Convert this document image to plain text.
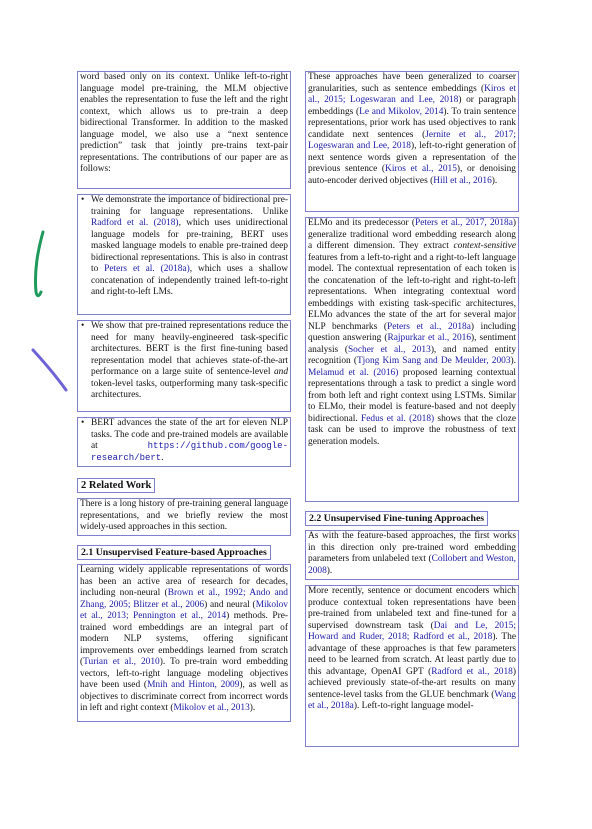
word based only on its context. Unlike left-to-right language model pre-training, the MLM objective enables the representation to fuse the left and the right context, which allows us to pre-train a deep bidirectional Transformer. In addition to the masked language model, we also use a “next sentence prediction” task that jointly pre-trains text-pair representations. The contributions of our paper are as follows:

• We demonstrate the importance of bidirectional pre-training for language representations. Unlike Radford et al. (2018), which uses unidirectional language models for pre-training, BERT uses masked language models to enable pre-trained deep bidirectional representations. This is also in contrast to Peters et al. (2018a), which uses a shallow concatenation of independently trained left-to-right and right-to-left LMs.

• We show that pre-trained representations reduce the need for many heavily-engineered task-specific architectures. BERT is the first fine-tuning based representation model that achieves state-of-the-art performance on a large suite of sentence-level and token-level tasks, outperforming many task-specific architectures.

• BERT advances the state of the art for eleven NLP tasks. The code and pre-trained models are available at https://github.com/google-research/bert.

2 Related Work

There is a long history of pre-training general language representations, and we briefly review the most widely-used approaches in this section.

2.1 Unsupervised Feature-based Approaches

Learning widely applicable representations of words has been an active area of research for decades, including non-neural (Brown et al., 1992; Ando and Zhang, 2005; Blitzer et al., 2006) and neural (Mikolov et al., 2013; Pennington et al., 2014) methods. Pre-trained word embeddings are an integral part of modern NLP systems, offering significant improvements over embeddings learned from scratch (Turian et al., 2010). To pre-train word embedding vectors, left-to-right language modeling objectives have been used (Mnih and Hinton, 2009), as well as objectives to discriminate correct from incorrect words in left and right context (Mikolov et al., 2013).

These approaches have been generalized to coarser granularities, such as sentence embeddings (Kiros et al., 2015; Logeswaran and Lee, 2018) or paragraph embeddings (Le and Mikolov, 2014). To train sentence representations, prior work has used objectives to rank candidate next sentences (Jernite et al., 2017; Logeswaran and Lee, 2018), left-to-right generation of next sentence words given a representation of the previous sentence (Kiros et al., 2015), or denoising auto-encoder derived objectives (Hill et al., 2016).

ELMo and its predecessor (Peters et al., 2017, 2018a) generalize traditional word embedding research along a different dimension. They extract context-sensitive features from a left-to-right and a right-to-left language model. The contextual representation of each token is the concatenation of the left-to-right and right-to-left representations. When integrating contextual word embeddings with existing task-specific architectures, ELMo advances the state of the art for several major NLP benchmarks (Peters et al., 2018a) including question answering (Rajpurkar et al., 2016), sentiment analysis (Socher et al., 2013), and named entity recognition (Tjong Kim Sang and De Meulder, 2003). Melamud et al. (2016) proposed learning contextual representations through a task to predict a single word from both left and right context using LSTMs. Similar to ELMo, their model is feature-based and not deeply bidirectional. Fedus et al. (2018) shows that the cloze task can be used to improve the robustness of text generation models.

2.2 Unsupervised Fine-tuning Approaches

As with the feature-based approaches, the first works in this direction only pre-trained word embedding parameters from unlabeled text (Collobert and Weston, 2008).

More recently, sentence or document encoders which produce contextual token representations have been pre-trained from unlabeled text and fine-tuned for a supervised downstream task (Dai and Le, 2015; Howard and Ruder, 2018; Radford et al., 2018). The advantage of these approaches is that few parameters need to be learned from scratch. At least partly due to this advantage, OpenAI GPT (Radford et al., 2018) achieved previously state-of-the-art results on many sentence-level tasks from the GLUE benchmark (Wang et al., 2018a). Left-to-right language model-
